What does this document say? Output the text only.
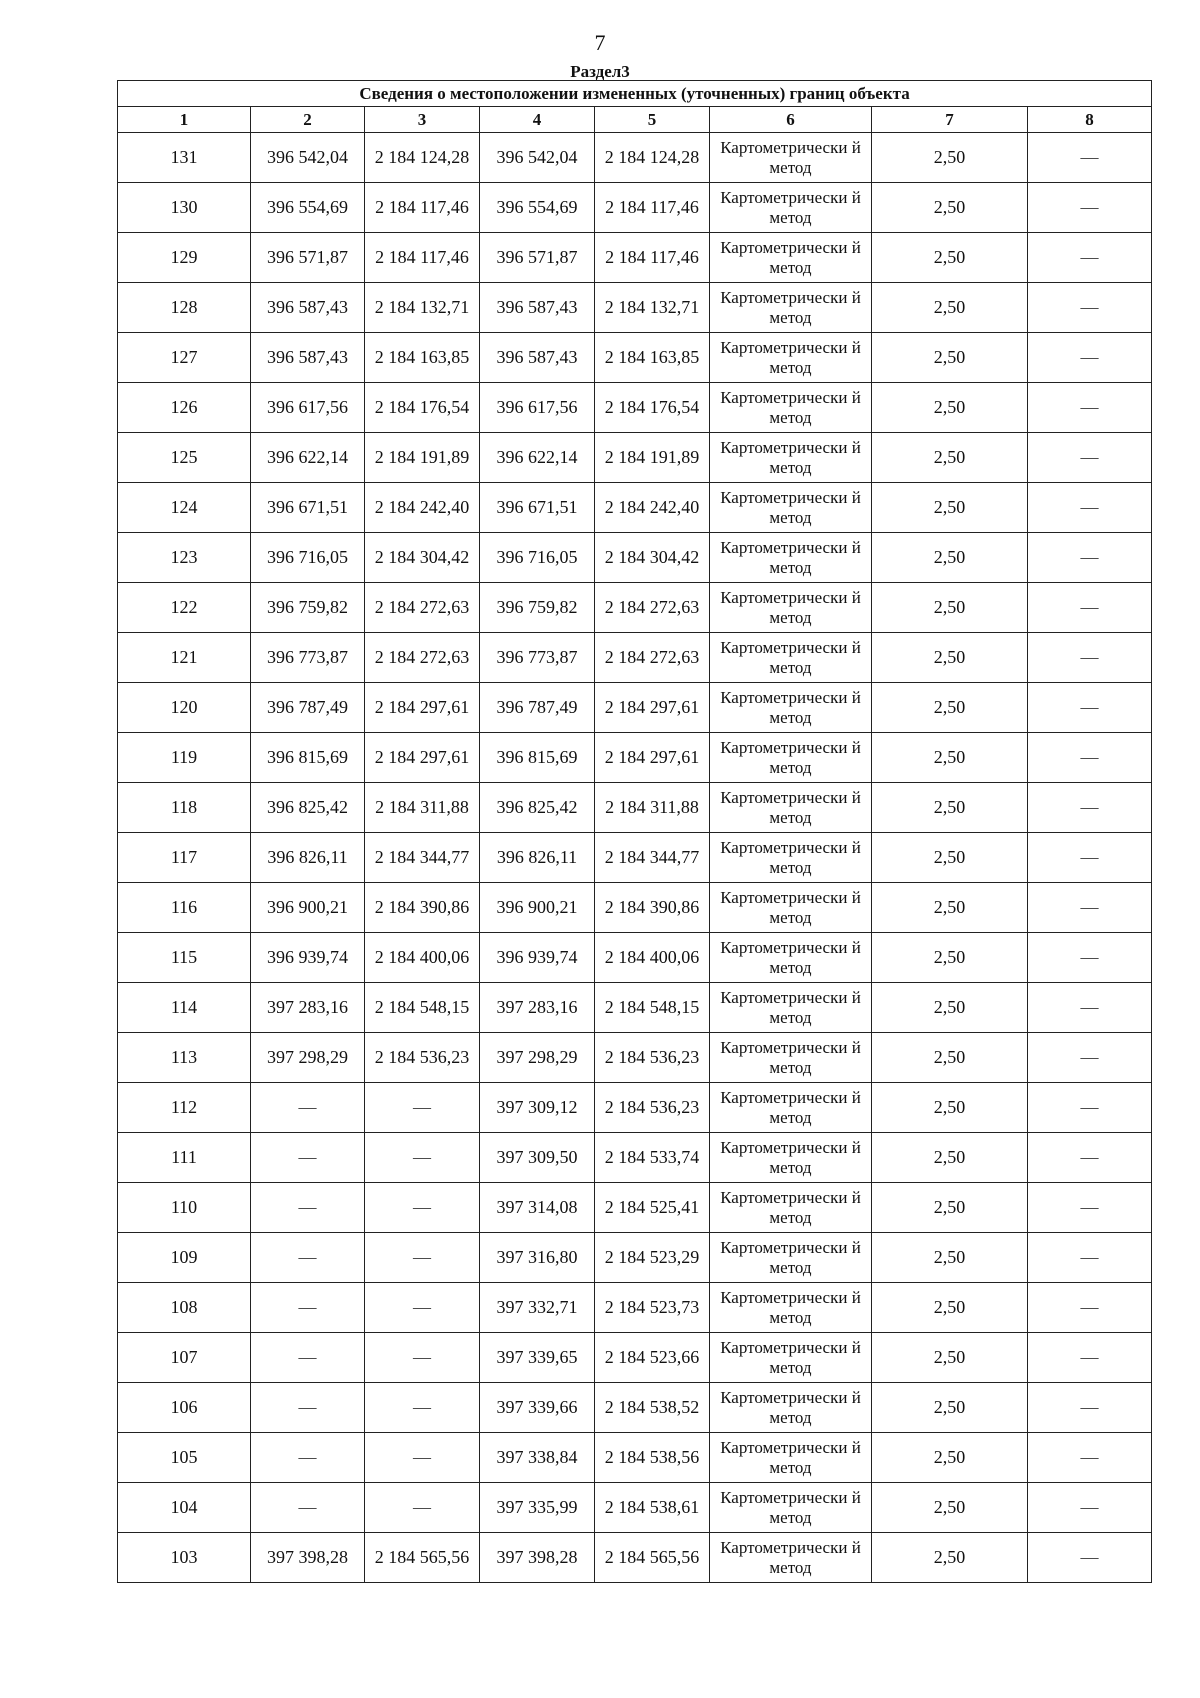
7
Раздел3
Сведения о местоположении измененных (уточненных) границ объекта							
1	2	3	4	5	6	7	8
131	396 542,04	2 184 124,28	396 542,04	2 184 124,28	Картометрически й метод	2,50	—
130	396 554,69	2 184 117,46	396 554,69	2 184 117,46	Картометрически й метод	2,50	—
129	396 571,87	2 184 117,46	396 571,87	2 184 117,46	Картометрически й метод	2,50	—
128	396 587,43	2 184 132,71	396 587,43	2 184 132,71	Картометрически й метод	2,50	—
127	396 587,43	2 184 163,85	396 587,43	2 184 163,85	Картометрически й метод	2,50	—
126	396 617,56	2 184 176,54	396 617,56	2 184 176,54	Картометрически й метод	2,50	—
125	396 622,14	2 184 191,89	396 622,14	2 184 191,89	Картометрически й метод	2,50	—
124	396 671,51	2 184 242,40	396 671,51	2 184 242,40	Картометрически й метод	2,50	—
123	396 716,05	2 184 304,42	396 716,05	2 184 304,42	Картометрически й метод	2,50	—
122	396 759,82	2 184 272,63	396 759,82	2 184 272,63	Картометрически й метод	2,50	—
121	396 773,87	2 184 272,63	396 773,87	2 184 272,63	Картометрически й метод	2,50	—
120	396 787,49	2 184 297,61	396 787,49	2 184 297,61	Картометрически й метод	2,50	—
119	396 815,69	2 184 297,61	396 815,69	2 184 297,61	Картометрически й метод	2,50	—
118	396 825,42	2 184 311,88	396 825,42	2 184 311,88	Картометрически й метод	2,50	—
117	396 826,11	2 184 344,77	396 826,11	2 184 344,77	Картометрически й метод	2,50	—
116	396 900,21	2 184 390,86	396 900,21	2 184 390,86	Картометрически й метод	2,50	—
115	396 939,74	2 184 400,06	396 939,74	2 184 400,06	Картометрически й метод	2,50	—
114	397 283,16	2 184 548,15	397 283,16	2 184 548,15	Картометрически й метод	2,50	—
113	397 298,29	2 184 536,23	397 298,29	2 184 536,23	Картометрически й метод	2,50	—
112	—	—	397 309,12	2 184 536,23	Картометрически й метод	2,50	—
111	—	—	397 309,50	2 184 533,74	Картометрически й метод	2,50	—
110	—	—	397 314,08	2 184 525,41	Картометрически й метод	2,50	—
109	—	—	397 316,80	2 184 523,29	Картометрически й метод	2,50	—
108	—	—	397 332,71	2 184 523,73	Картометрически й метод	2,50	—
107	—	—	397 339,65	2 184 523,66	Картометрически й метод	2,50	—
106	—	—	397 339,66	2 184 538,52	Картометрически й метод	2,50	—
105	—	—	397 338,84	2 184 538,56	Картометрически й метод	2,50	—
104	—	—	397 335,99	2 184 538,61	Картометрически й метод	2,50	—
103	397 398,28	2 184 565,56	397 398,28	2 184 565,56	Картометрически й метод	2,50	—
